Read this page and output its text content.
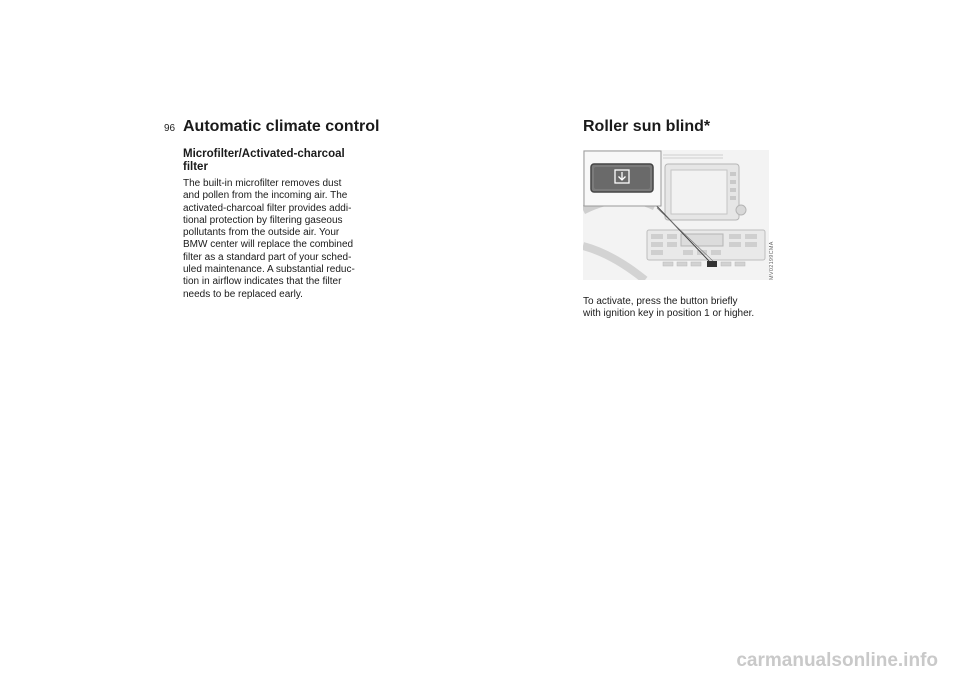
96 Automatic climate control
Microfilter/Activated-charcoal
filter

The built-in microfilter removes dust
and pollen from the incoming air. The
activated-charcoal filter provides addi-
tional protection by filtering gaseous
pollutants from the outside air. Your
BMW center will replace the combined
filter as a standard part of your sched-
uled maintenance. A substantial reduc-
tion in airflow indicates that the filter
needs to be replaced early.

Roller sun blind*
MV02199CMA

To activate, press the button briefly
with ignition key in position 1 or higher.

carmanualsonline.info
